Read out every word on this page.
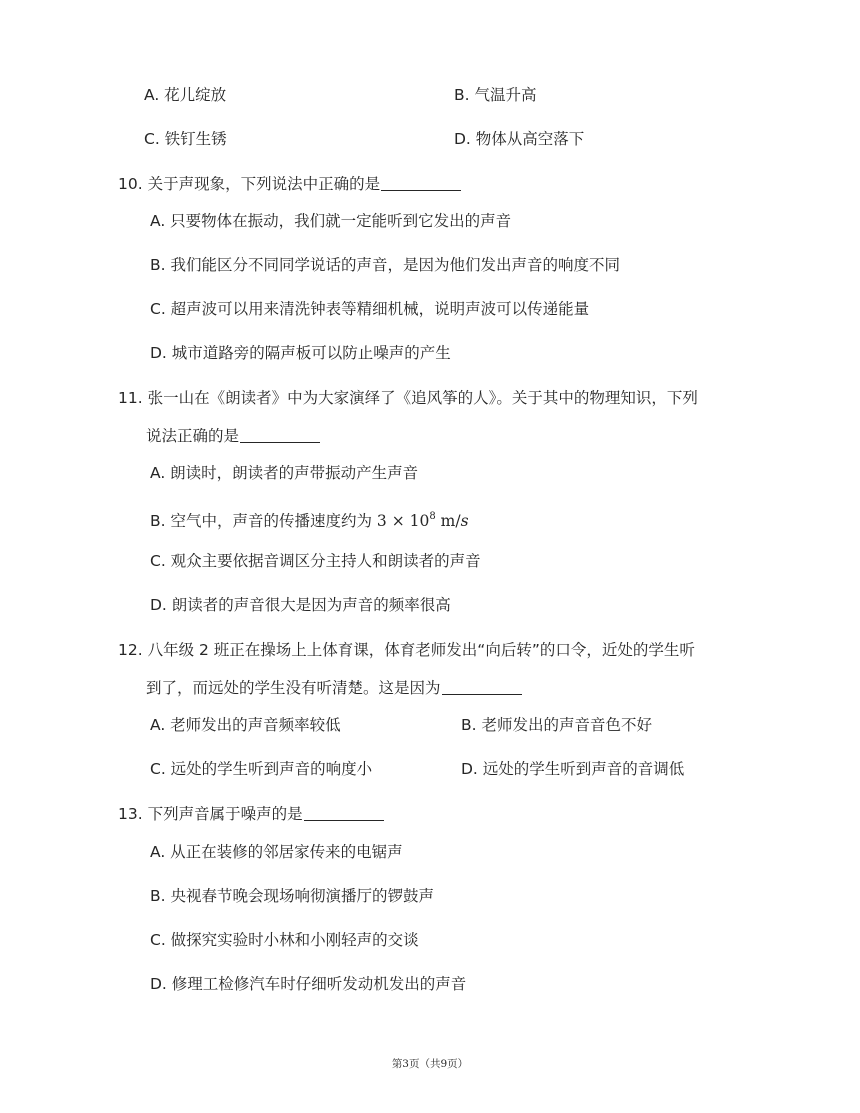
A. 花儿绽放	B. 气温升高
C. 铁钉生锈	D. 物体从高空落下
10. 关于声现象，下列说法中正确的是
A. 只要物体在振动，我们就一定能听到它发出的声音
B. 我们能区分不同同学说话的声音，是因为他们发出声音的响度不同
C. 超声波可以用来清洗钟表等精细机械，说明声波可以传递能量
D. 城市道路旁的隔声板可以防止噪声的产生
11. 张一山在《朗读者》中为大家演绎了《追风筝的人》。关于其中的物理知识，下列
说法正确的是
A. 朗读时，朗读者的声带振动产生声音
B. 空气中，声音的传播速度约为 $3 \times 10^8$ m/s
C. 观众主要依据音调区分主持人和朗读者的声音
D. 朗读者的声音很大是因为声音的频率很高
12. 八年级 2 班正在操场上上体育课，体育老师发出“向后转”的口令，近处的学生听
到了，而远处的学生没有听清楚。这是因为
A. 老师发出的声音频率较低	B. 老师发出的声音音色不好
C. 远处的学生听到声音的响度小	D. 远处的学生听到声音的音调低
13. 下列声音属于噪声的是
A. 从正在装修的邻居家传来的电锯声
B. 央视春节晚会现场响彻演播厅的锣鼓声
C. 做探究实验时小林和小刚轻声的交谈
D. 修理工检修汽车时仔细听发动机发出的声音
第3页（共9页）
